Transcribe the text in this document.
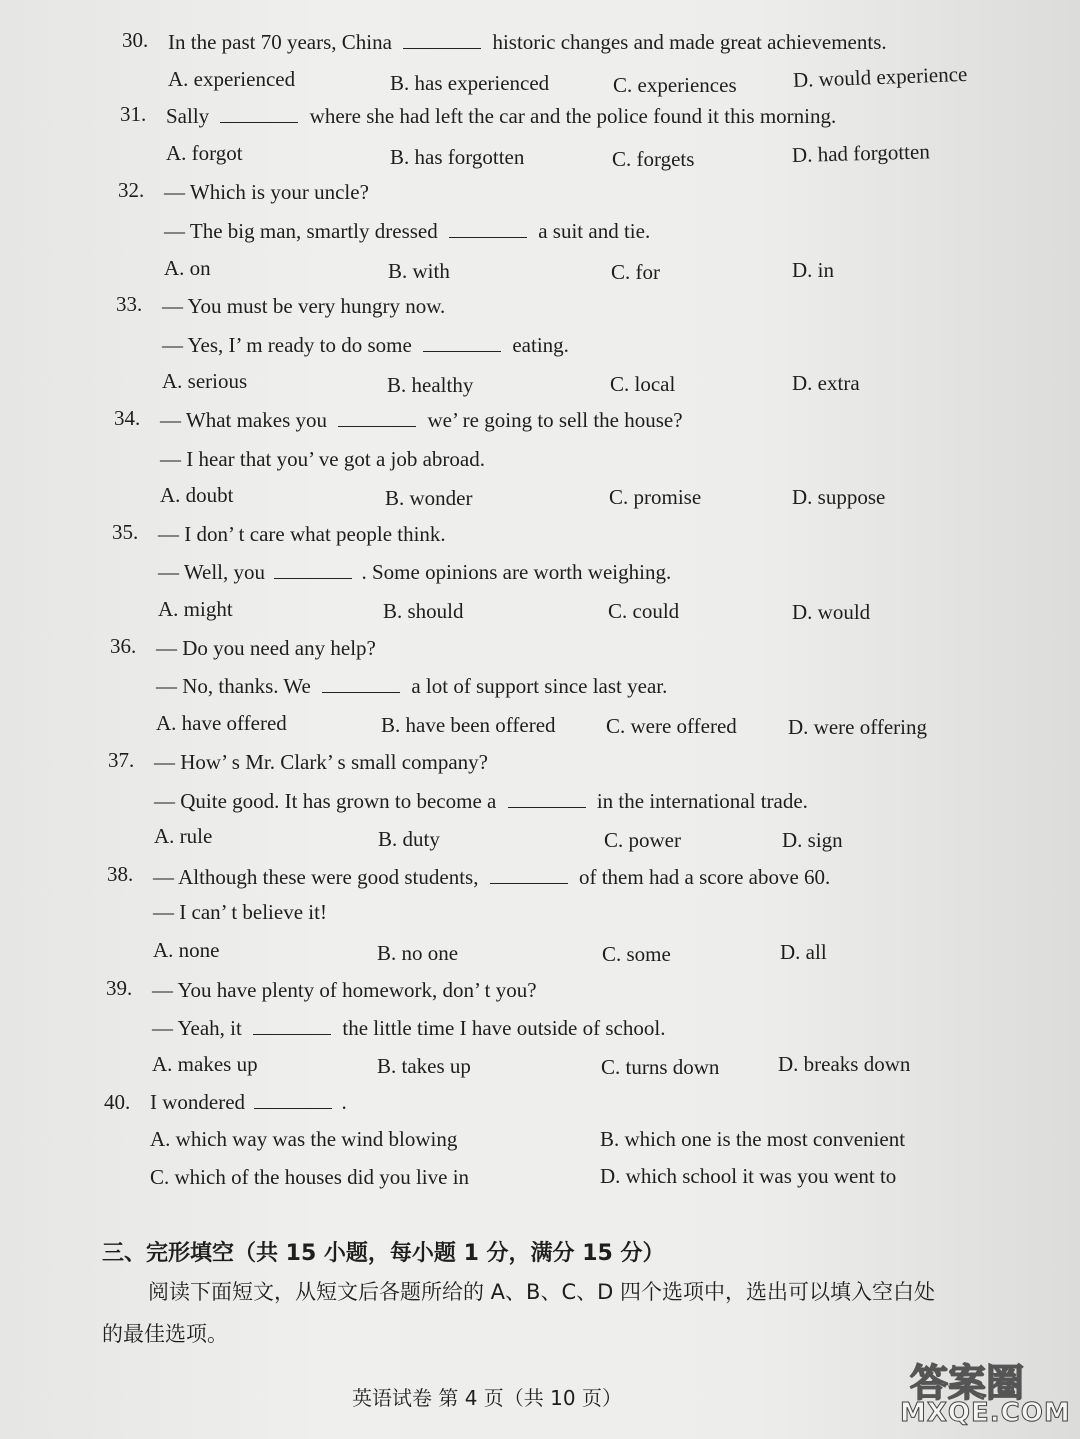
30. In the past 70 years, China	historic changes and made great achievements.
A. experienced	B. has experienced	C. experiences	D. would experience
31. Sally	where she had left the car and the police found it this morning.
A. forgot	B. has forgotten	C. forgets	D. had forgotten
32. — Which is your uncle?
— The big man, smartly dressed	a suit and tie.
A. on	B. with	C. for	D. in
33. — You must be very hungry now.
— Yes, I’ m ready to do some	eating.
A. serious	B. healthy	C. local	D. extra
34. — What makes you	we’ re going to sell the house?
— I hear that you’ ve got a job abroad.
A. doubt	B. wonder	C. promise	D. suppose
35. — I don’ t care what people think.
— Well, you	. Some opinions are worth weighing.
A. might	B. should	C. could	D. would
36. — Do you need any help?
— No, thanks. We	a lot of support since last year.
A. have offered	B. have been offered C. were offered D. were offering
37. — How’ s Mr. Clark’ s small company?
— Quite good. It has grown to become a	in the international trade.
A. rule	B. duty	C. power	D. sign
38. — Although these were good students,	of them had a score above 60.
— I can’ t believe it!
A. none	B. no one	C. some	D. all
39. — You have plenty of homework, don’ t you?
— Yeah, it	the little time I have outside of school.
A. makes up	B. takes up	C. turns down	D. breaks down
40. I wondered	.
A. which way was the wind blowing	B. which one is the most convenient
C. which of the houses did you live in	D. which school it was you went to
三、完形填空（共 15 小题，每小题 1 分，满分 15 分）
阅读下面短文，从短文后各题所给的 A、B、C、D 四个选项中，选出可以填入空白处
的最佳选项。
英语试卷 第 4 页（共 10 页）	答案圈
MXQE.COM
